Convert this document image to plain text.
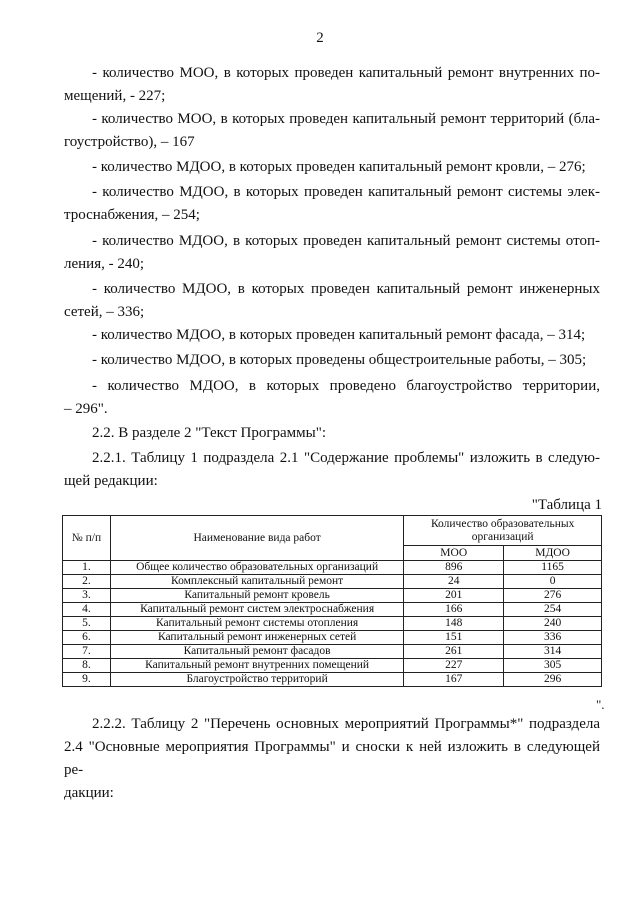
2
- количество МОО, в которых проведен капитальный ремонт внутренних по-
мещений, - 227;
- количество МОО, в которых проведен капитальный ремонт территорий (бла-
гоустройство), – 167
- количество МДОО, в которых проведен капитальный ремонт кровли, – 276;
- количество МДОО, в которых проведен капитальный ремонт системы элек-
троснабжения, – 254;
- количество МДОО, в которых проведен капитальный ремонт системы отоп-
ления, - 240;
- количество МДОО, в которых проведен капитальный ремонт инженерных
сетей, – 336;
- количество МДОО, в которых проведен капитальный ремонт фасада, – 314;
- количество МДОО, в которых проведены общестроительные работы, – 305;
- количество МДОО, в которых проведено благоустройство территории,
– 296".
2.2. В разделе 2 "Текст Программы":
2.2.1. Таблицу 1 подраздела 2.1 "Содержание проблемы" изложить в следую-
щей редакции:
"Таблица 1
№ п/п	Наименование вида работ	Количество образовательных организаций	
		МОО	МДОО
1.	Общее количество образовательных организаций	896	1165
2.	Комплексный капитальный ремонт	24	0
3.	Капитальный ремонт кровель	201	276
4.	Капитальный ремонт систем электроснабжения	166	254
5.	Капитальный ремонт системы отопления	148	240
6.	Капитальный ремонт инженерных сетей	151	336
7.	Капитальный ремонт фасадов	261	314
8.	Капитальный ремонт внутренних помещений	227	305
9.	Благоустройство территорий	167	296
".
2.2.2. Таблицу 2 "Перечень основных мероприятий Программы*" подраздела
2.4 "Основные мероприятия Программы" и сноски к ней изложить в следующей ре-
дакции:
